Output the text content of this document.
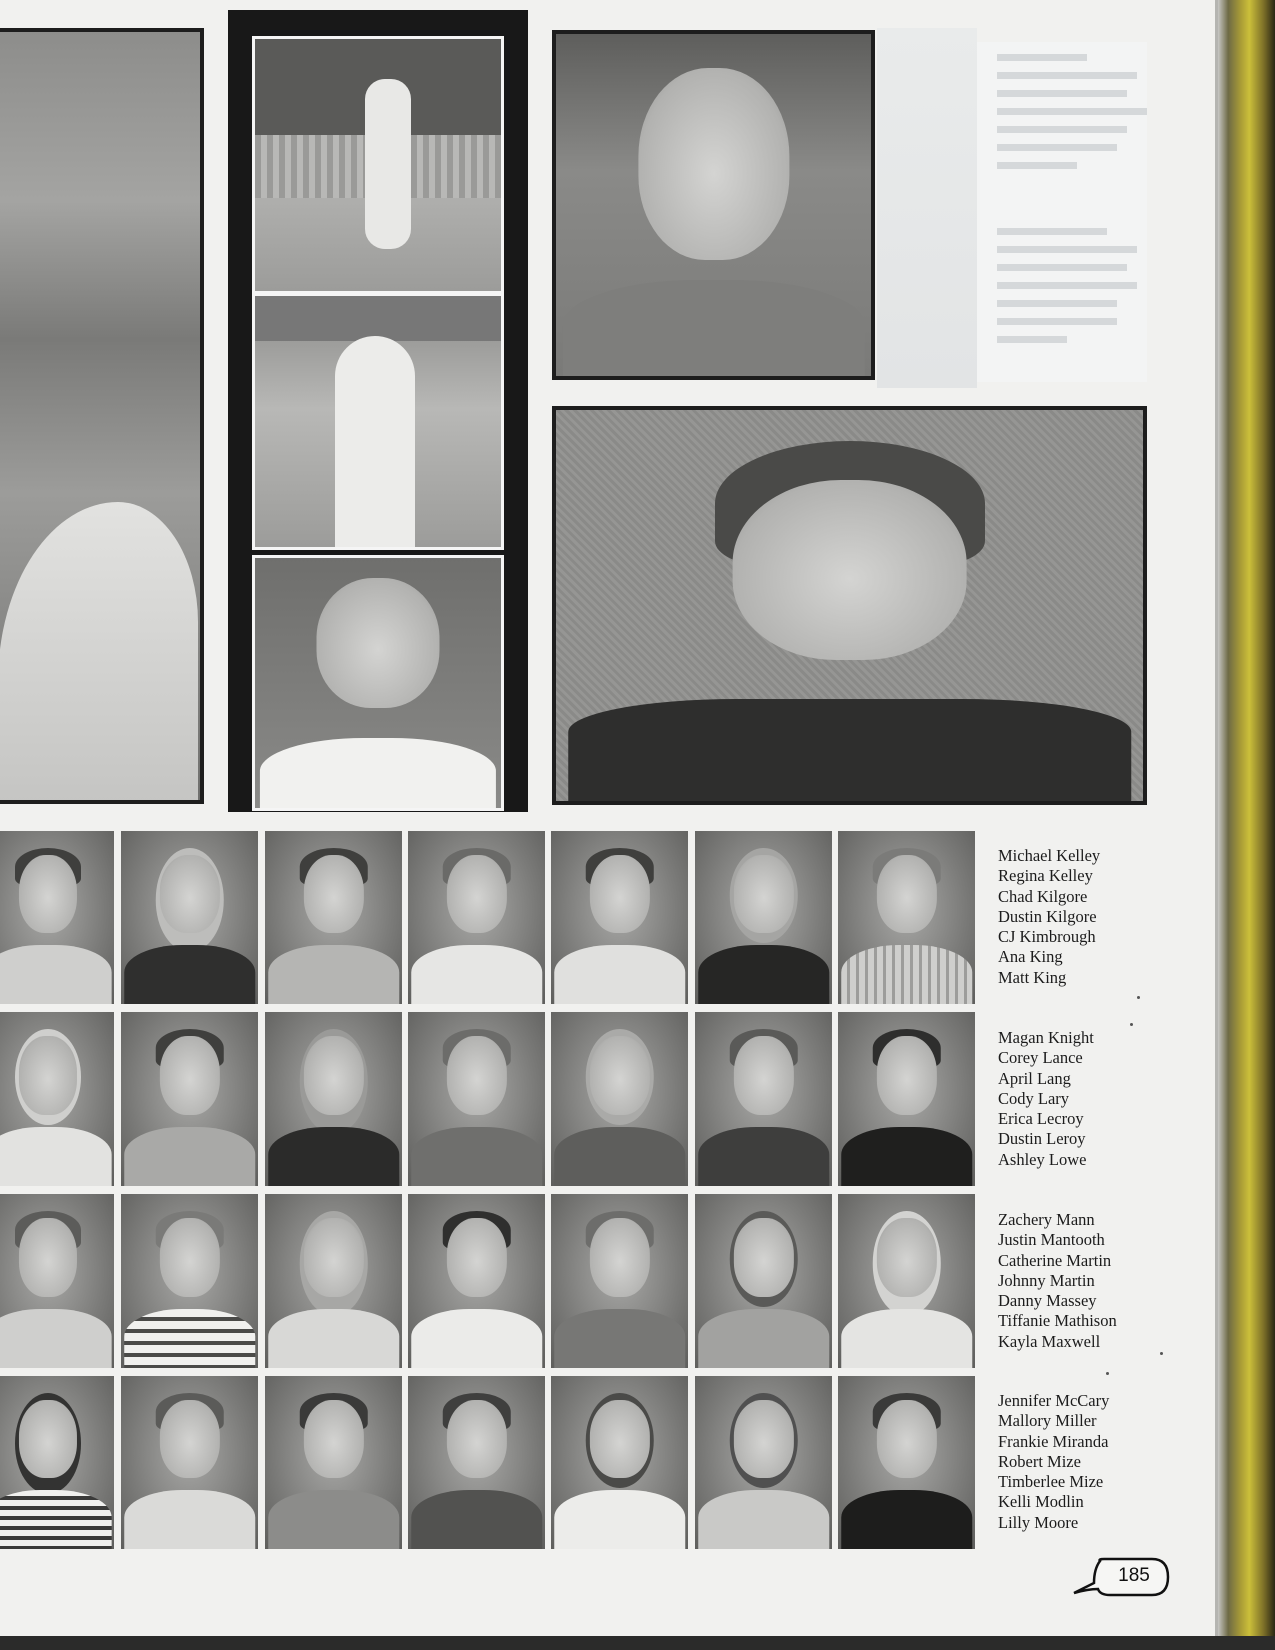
Michael Kelley
Regina Kelley
Chad Kilgore
Dustin Kilgore
CJ Kimbrough
Ana King
Matt King
Magan Knight
Corey Lance
April Lang
Cody Lary
Erica Lecroy
Dustin Leroy
Ashley Lowe
Zachery Mann
Justin Mantooth
Catherine Martin
Johnny Martin
Danny Massey
Tiffanie Mathison
Kayla Maxwell
Jennifer McCary
Mallory Miller
Frankie Miranda
Robert Mize
Timberlee Mize
Kelli Modlin
Lilly Moore
185
